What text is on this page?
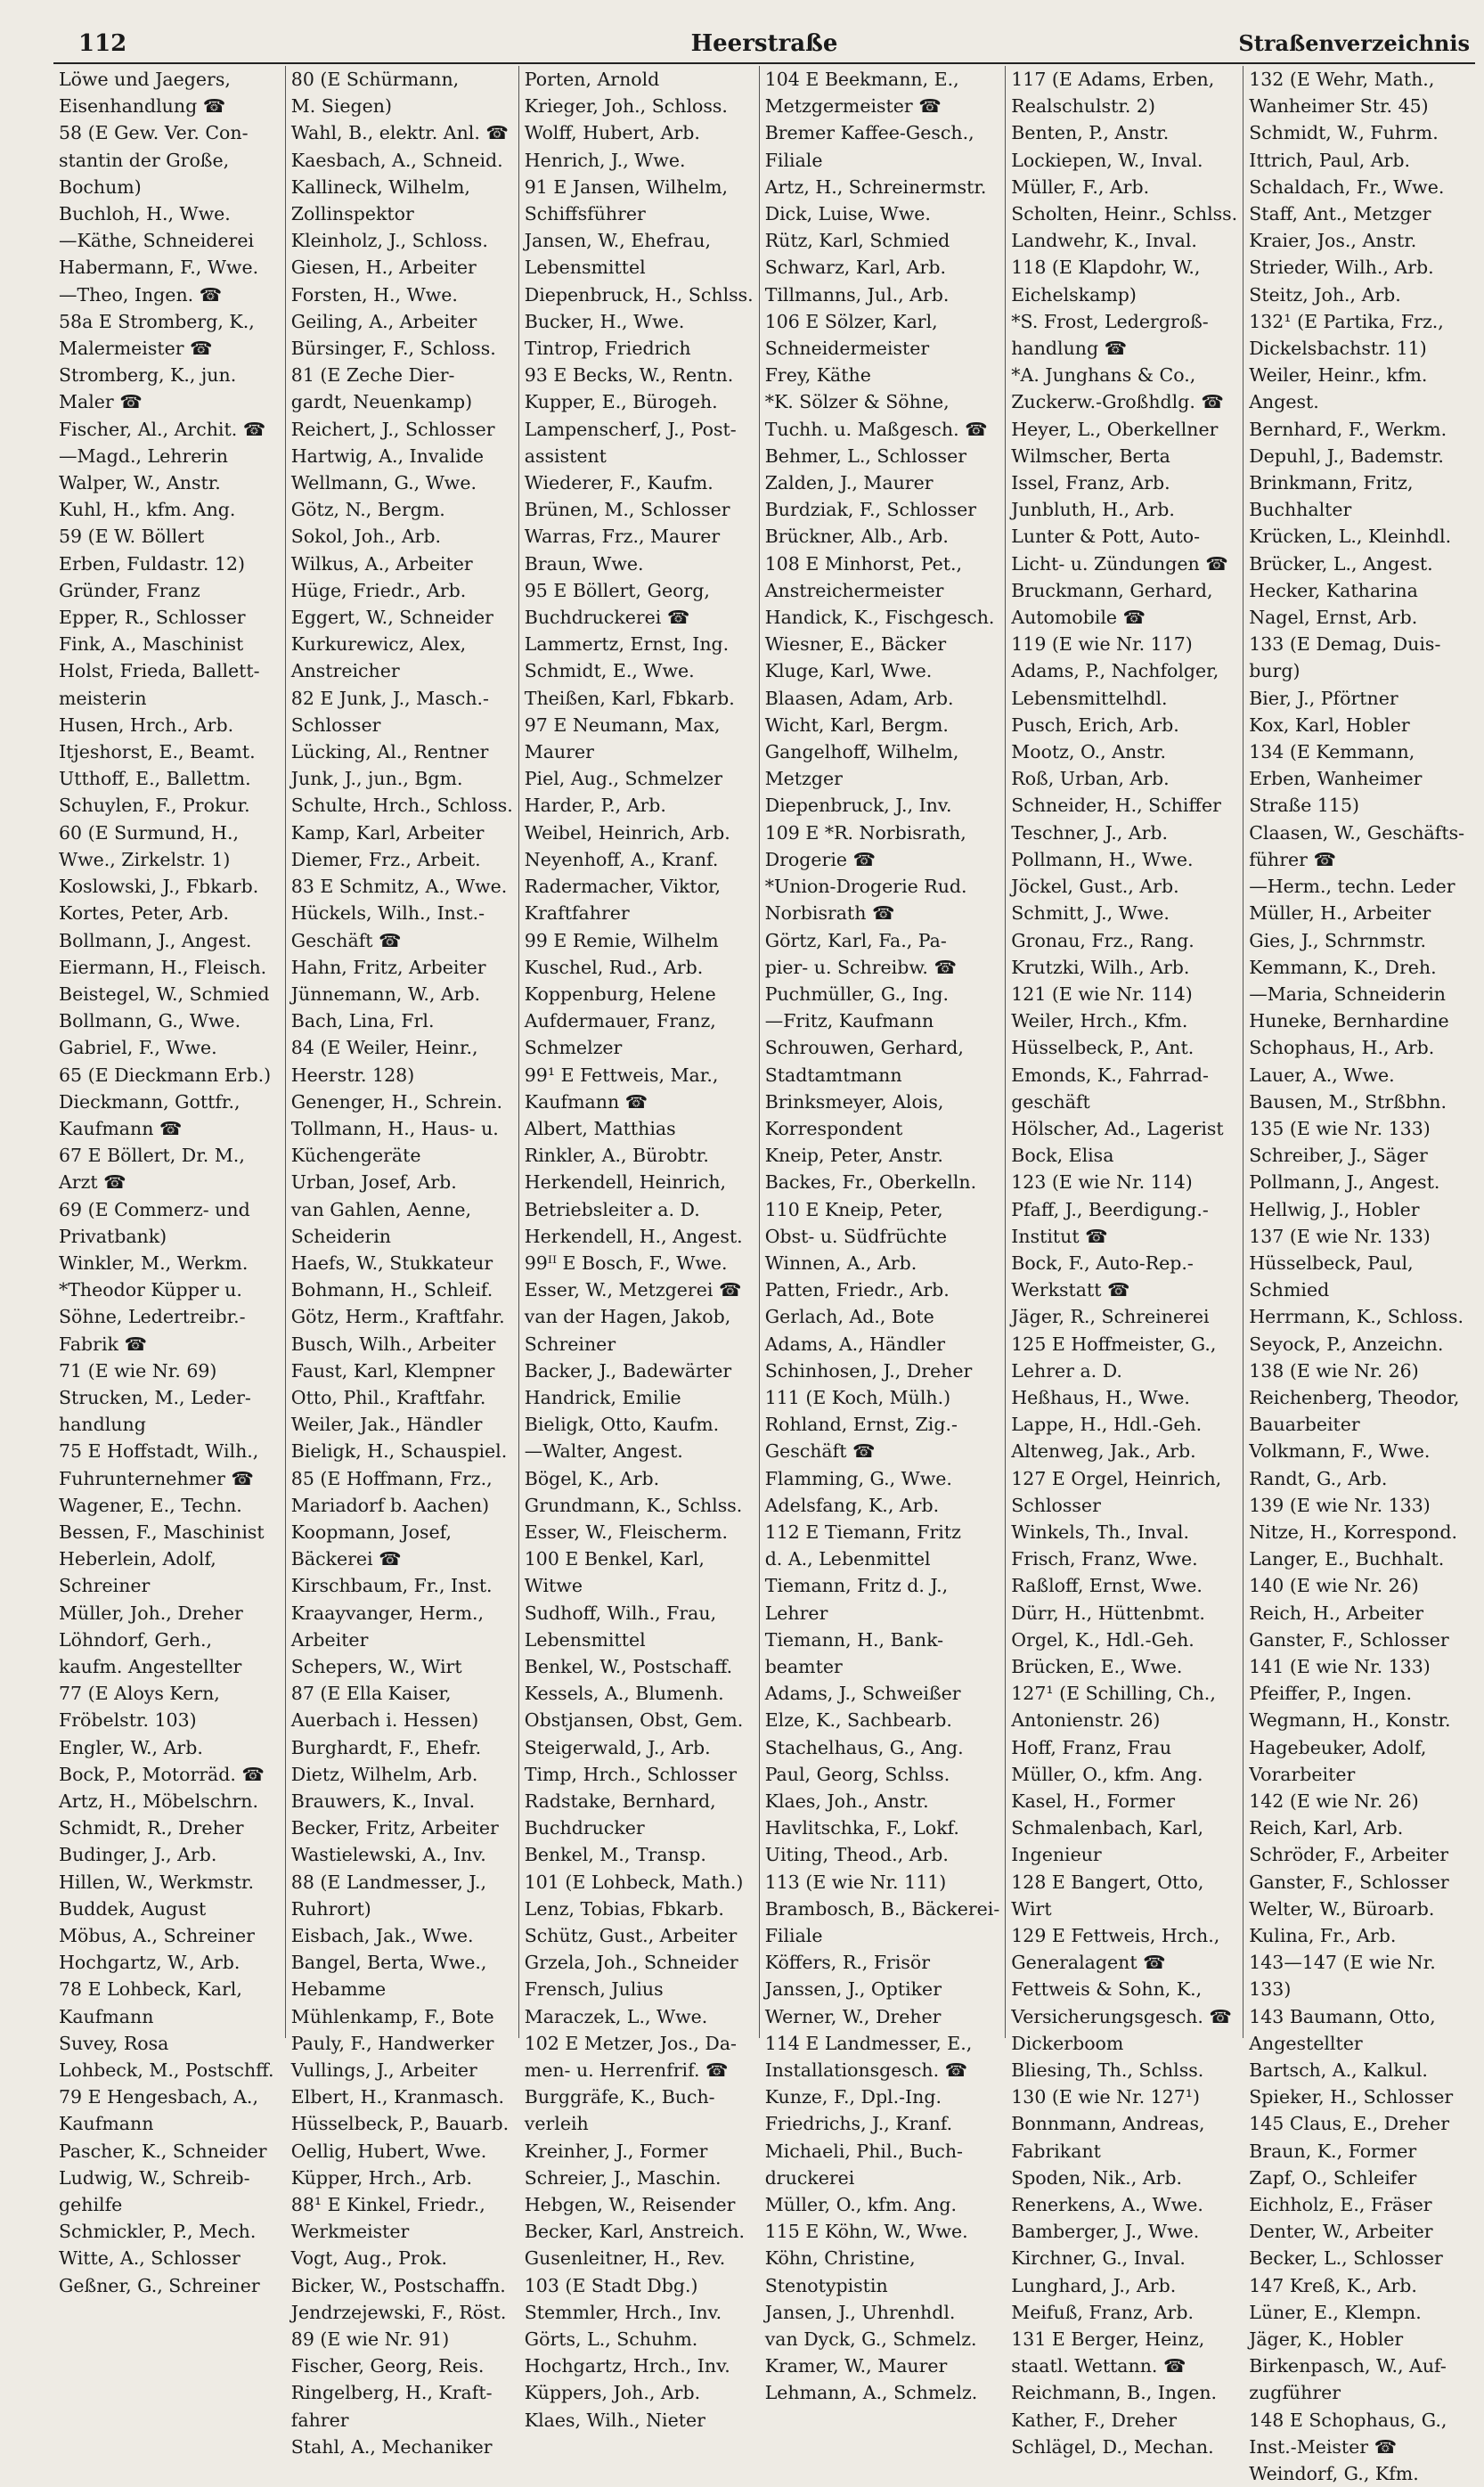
112	Heerstraße	Straßenverzeichnis
Löwe und Jaegers,
Eisenhandlung ☎
58 (E Gew. Ver. Con-
stantin der Große,
Bochum)
Buchloh, H., Wwe.
—Käthe, Schneiderei
Habermann, F., Wwe.
—Theo, Ingen. ☎
58a E Stromberg, K.,
Malermeister ☎
Stromberg, K., jun.
Maler ☎
Fischer, Al., Archit. ☎
—Magd., Lehrerin
Walper, W., Anstr.
Kuhl, H., kfm. Ang.
59 (E W. Böllert
Erben, Fuldastr. 12)
Gründer, Franz
Epper, R., Schlosser
Fink, A., Maschinist
Holst, Frieda, Ballett-
meisterin
Husen, Hrch., Arb.
Itjeshorst, E., Beamt.
Utthoff, E., Ballettm.
Schuylen, F., Prokur.
60 (E Surmund, H.,
Wwe., Zirkelstr. 1)
Koslowski, J., Fbkarb.
Kortes, Peter, Arb.
Bollmann, J., Angest.
Eiermann, H., Fleisch.
Beistegel, W., Schmied
Bollmann, G., Wwe.
Gabriel, F., Wwe.
65 (E Dieckmann Erb.)
Dieckmann, Gottfr.,
Kaufmann ☎
67 E Böllert, Dr. M.,
Arzt ☎
69 (E Commerz- und
Privatbank)
Winkler, M., Werkm.
*Theodor Küpper u.
Söhne, Ledertreibr.-
Fabrik ☎
71 (E wie Nr. 69)
Strucken, M., Leder-
handlung
75 E Hoffstadt, Wilh.,
Fuhrunternehmer ☎
Wagener, E., Techn.
Bessen, F., Maschinist
Heberlein, Adolf,
Schreiner
Müller, Joh., Dreher
Löhndorf, Gerh.,
kaufm. Angestellter
77 (E Aloys Kern,
Fröbelstr. 103)
Engler, W., Arb.
Bock, P., Motorräd. ☎
Artz, H., Möbelschrn.
Schmidt, R., Dreher
Budinger, J., Arb.
Hillen, W., Werkmstr.
Buddek, August
Möbus, A., Schreiner
Hochgartz, W., Arb.
78 E Lohbeck, Karl,
Kaufmann
Suvey, Rosa
Lohbeck, M., Postschff.
79 E Hengesbach, A.,
Kaufmann
Pascher, K., Schneider
Ludwig, W., Schreib-
gehilfe
Schmickler, P., Mech.
Witte, A., Schlosser
Geßner, G., Schreiner
80 (E Schürmann,
M. Siegen)
Wahl, B., elektr. Anl. ☎
Kaesbach, A., Schneid.
Kallineck, Wilhelm,
Zollinspektor
Kleinholz, J., Schloss.
Giesen, H., Arbeiter
Forsten, H., Wwe.
Geiling, A., Arbeiter
Bürsinger, F., Schloss.
81 (E Zeche Dier-
gardt, Neuenkamp)
Reichert, J., Schlosser
Hartwig, A., Invalide
Wellmann, G., Wwe.
Götz, N., Bergm.
Sokol, Joh., Arb.
Wilkus, A., Arbeiter
Hüge, Friedr., Arb.
Eggert, W., Schneider
Kurkurewicz, Alex,
Anstreicher
82 E Junk, J., Masch.-
Schlosser
Lücking, Al., Rentner
Junk, J., jun., Bgm.
Schulte, Hrch., Schloss.
Kamp, Karl, Arbeiter
Diemer, Frz., Arbeit.
83 E Schmitz, A., Wwe.
Hückels, Wilh., Inst.-
Geschäft ☎
Hahn, Fritz, Arbeiter
Jünnemann, W., Arb.
Bach, Lina, Frl.
84 (E Weiler, Heinr.,
Heerstr. 128)
Genenger, H., Schrein.
Tollmann, H., Haus- u.
Küchengeräte
Urban, Josef, Arb.
van Gahlen, Aenne,
Scheiderin
Haefs, W., Stukkateur
Bohmann, H., Schleif.
Götz, Herm., Kraftfahr.
Busch, Wilh., Arbeiter
Faust, Karl, Klempner
Otto, Phil., Kraftfahr.
Weiler, Jak., Händler
Bieligk, H., Schauspiel.
85 (E Hoffmann, Frz.,
Mariadorf b. Aachen)
Koopmann, Josef,
Bäckerei ☎
Kirschbaum, Fr., Inst.
Kraayvanger, Herm.,
Arbeiter
Schepers, W., Wirt
87 (E Ella Kaiser,
Auerbach i. Hessen)
Burghardt, F., Ehefr.
Dietz, Wilhelm, Arb.
Brauwers, K., Inval.
Becker, Fritz, Arbeiter
Wastielewski, A., Inv.
88 (E Landmesser, J.,
Ruhrort)
Eisbach, Jak., Wwe.
Bangel, Berta, Wwe.,
Hebamme
Mühlenkamp, F., Bote
Pauly, F., Handwerker
Vullings, J., Arbeiter
Elbert, H., Kranmasch.
Hüsselbeck, P., Bauarb.
Oellig, Hubert, Wwe.
Küpper, Hrch., Arb.
88¹ E Kinkel, Friedr.,
Werkmeister
Vogt, Aug., Prok.
Bicker, W., Postschaffn.
Jendrzejewski, F., Röst.
89 (E wie Nr. 91)
Fischer, Georg, Reis.
Ringelberg, H., Kraft-
fahrer
Stahl, A., Mechaniker
Porten, Arnold
Krieger, Joh., Schloss.
Wolff, Hubert, Arb.
Henrich, J., Wwe.
91 E Jansen, Wilhelm,
Schiffsführer
Jansen, W., Ehefrau,
Lebensmittel
Diepenbruck, H., Schlss.
Bucker, H., Wwe.
Tintrop, Friedrich
93 E Becks, W., Rentn.
Kupper, E., Bürogeh.
Lampenscherf, J., Post-
assistent
Wiederer, F., Kaufm.
Brünen, M., Schlosser
Warras, Frz., Maurer
Braun, Wwe.
95 E Böllert, Georg,
Buchdruckerei ☎
Lammertz, Ernst, Ing.
Schmidt, E., Wwe.
Theißen, Karl, Fbkarb.
97 E Neumann, Max,
Maurer
Piel, Aug., Schmelzer
Harder, P., Arb.
Weibel, Heinrich, Arb.
Neyenhoff, A., Kranf.
Radermacher, Viktor,
Kraftfahrer
99 E Remie, Wilhelm
Kuschel, Rud., Arb.
Koppenburg, Helene
Aufdermauer, Franz,
Schmelzer
99¹ E Fettweis, Mar.,
Kaufmann ☎
Albert, Matthias
Rinkler, A., Bürobtr.
Herkendell, Heinrich,
Betriebsleiter a. D.
Herkendell, H., Angest.
99ᴵᴵ E Bosch, F., Wwe.
Esser, W., Metzgerei ☎
van der Hagen, Jakob,
Schreiner
Backer, J., Badewärter
Handrick, Emilie
Bieligk, Otto, Kaufm.
—Walter, Angest.
Bögel, K., Arb.
Grundmann, K., Schlss.
Esser, W., Fleischerm.
100 E Benkel, Karl,
Witwe
Sudhoff, Wilh., Frau,
Lebensmittel
Benkel, W., Postschaff.
Kessels, A., Blumenh.
Obstjansen, Obst, Gem.
Steigerwald, J., Arb.
Timp, Hrch., Schlosser
Radstake, Bernhard,
Buchdrucker
Benkel, M., Transp.
101 (E Lohbeck, Math.)
Lenz, Tobias, Fbkarb.
Schütz, Gust., Arbeiter
Grzela, Joh., Schneider
Frensch, Julius
Maraczek, L., Wwe.
102 E Metzer, Jos., Da-
men- u. Herrenfrif. ☎
Burggräfe, K., Buch-
verleih
Kreinher, J., Former
Schreier, J., Maschin.
Hebgen, W., Reisender
Becker, Karl, Anstreich.
Gusenleitner, H., Rev.
103 (E Stadt Dbg.)
Stemmler, Hrch., Inv.
Görts, L., Schuhm.
Hochgartz, Hrch., Inv.
Küppers, Joh., Arb.
Klaes, Wilh., Nieter
104 E Beekmann, E.,
Metzgermeister ☎
Bremer Kaffee-Gesch.,
Filiale
Artz, H., Schreinermstr.
Dick, Luise, Wwe.
Rütz, Karl, Schmied
Schwarz, Karl, Arb.
Tillmanns, Jul., Arb.
106 E Sölzer, Karl,
Schneidermeister
Frey, Käthe
*K. Sölzer & Söhne,
Tuchh. u. Maßgesch. ☎
Behmer, L., Schlosser
Zalden, J., Maurer
Burdziak, F., Schlosser
Brückner, Alb., Arb.
108 E Minhorst, Pet.,
Anstreichermeister
Handick, K., Fischgesch.
Wiesner, E., Bäcker
Kluge, Karl, Wwe.
Blaasen, Adam, Arb.
Wicht, Karl, Bergm.
Gangelhoff, Wilhelm,
Metzger
Diepenbruck, J., Inv.
109 E *R. Norbisrath,
Drogerie ☎
*Union-Drogerie Rud.
Norbisrath ☎
Görtz, Karl, Fa., Pa-
pier- u. Schreibw. ☎
Puchmüller, G., Ing.
—Fritz, Kaufmann
Schrouwen, Gerhard,
Stadtamtmann
Brinksmeyer, Alois,
Korrespondent
Kneip, Peter, Anstr.
Backes, Fr., Oberkelln.
110 E Kneip, Peter,
Obst- u. Südfrüchte
Winnen, A., Arb.
Patten, Friedr., Arb.
Gerlach, Ad., Bote
Adams, A., Händler
Schinhosen, J., Dreher
111 (E Koch, Mülh.)
Rohland, Ernst, Zig.-
Geschäft ☎
Flamming, G., Wwe.
Adelsfang, K., Arb.
112 E Tiemann, Fritz
d. A., Lebenmittel
Tiemann, Fritz d. J.,
Lehrer
Tiemann, H., Bank-
beamter
Adams, J., Schweißer
Elze, K., Sachbearb.
Stachelhaus, G., Ang.
Paul, Georg, Schlss.
Klaes, Joh., Anstr.
Havlitschka, F., Lokf.
Uiting, Theod., Arb.
113 (E wie Nr. 111)
Brambosch, B., Bäckerei-
Filiale
Köffers, R., Frisör
Janssen, J., Optiker
Werner, W., Dreher
114 E Landmesser, E.,
Installationsgesch. ☎
Kunze, F., Dpl.-Ing.
Friedrichs, J., Kranf.
Michaeli, Phil., Buch-
druckerei
Müller, O., kfm. Ang.
115 E Köhn, W., Wwe.
Köhn, Christine,
Stenotypistin
Jansen, J., Uhrenhdl.
van Dyck, G., Schmelz.
Kramer, W., Maurer
Lehmann, A., Schmelz.
117 (E Adams, Erben,
Realschulstr. 2)
Benten, P., Anstr.
Lockiepen, W., Inval.
Müller, F., Arb.
Scholten, Heinr., Schlss.
Landwehr, K., Inval.
118 (E Klapdohr, W.,
Eichelskamp)
*S. Frost, Ledergroß-
handlung ☎
*A. Junghans & Co.,
Zuckerw.-Großhdlg. ☎
Heyer, L., Oberkellner
Wilmscher, Berta
Issel, Franz, Arb.
Junbluth, H., Arb.
Lunter & Pott, Auto-
Licht- u. Zündungen ☎
Bruckmann, Gerhard,
Automobile ☎
119 (E wie Nr. 117)
Adams, P., Nachfolger,
Lebensmittelhdl.
Pusch, Erich, Arb.
Mootz, O., Anstr.
Roß, Urban, Arb.
Schneider, H., Schiffer
Teschner, J., Arb.
Pollmann, H., Wwe.
Jöckel, Gust., Arb.
Schmitt, J., Wwe.
Gronau, Frz., Rang.
Krutzki, Wilh., Arb.
121 (E wie Nr. 114)
Weiler, Hrch., Kfm.
Hüsselbeck, P., Ant.
Emonds, K., Fahrrad-
geschäft
Hölscher, Ad., Lagerist
Bock, Elisa
123 (E wie Nr. 114)
Pfaff, J., Beerdigung.-
Institut ☎
Bock, F., Auto-Rep.-
Werkstatt ☎
Jäger, R., Schreinerei
125 E Hoffmeister, G.,
Lehrer a. D.
Heßhaus, H., Wwe.
Lappe, H., Hdl.-Geh.
Altenweg, Jak., Arb.
127 E Orgel, Heinrich,
Schlosser
Winkels, Th., Inval.
Frisch, Franz, Wwe.
Raßloff, Ernst, Wwe.
Dürr, H., Hüttenbmt.
Orgel, K., Hdl.-Geh.
Brücken, E., Wwe.
127¹ (E Schilling, Ch.,
Antonienstr. 26)
Hoff, Franz, Frau
Müller, O., kfm. Ang.
Kasel, H., Former
Schmalenbach, Karl,
Ingenieur
128 E Bangert, Otto,
Wirt
129 E Fettweis, Hrch.,
Generalagent ☎
Fettweis & Sohn, K.,
Versicherungsgesch. ☎
Dickerboom
Bliesing, Th., Schlss.
130 (E wie Nr. 127¹)
Bonnmann, Andreas,
Fabrikant
Spoden, Nik., Arb.
Renerkens, A., Wwe.
Bamberger, J., Wwe.
Kirchner, G., Inval.
Lunghard, J., Arb.
Meifuß, Franz, Arb.
131 E Berger, Heinz,
staatl. Wettann. ☎
Reichmann, B., Ingen.
Kather, F., Dreher
Schlägel, D., Mechan.
132 (E Wehr, Math.,
Wanheimer Str. 45)
Schmidt, W., Fuhrm.
Ittrich, Paul, Arb.
Schaldach, Fr., Wwe.
Staff, Ant., Metzger
Kraier, Jos., Anstr.
Strieder, Wilh., Arb.
Steitz, Joh., Arb.
132¹ (E Partika, Frz.,
Dickelsbachstr. 11)
Weiler, Heinr., kfm.
Angest.
Bernhard, F., Werkm.
Depuhl, J., Bademstr.
Brinkmann, Fritz,
Buchhalter
Krücken, L., Kleinhdl.
Brücker, L., Angest.
Hecker, Katharina
Nagel, Ernst, Arb.
133 (E Demag, Duis-
burg)
Bier, J., Pförtner
Kox, Karl, Hobler
134 (E Kemmann,
Erben, Wanheimer
Straße 115)
Claasen, W., Geschäfts-
führer ☎
—Herm., techn. Leder
Müller, H., Arbeiter
Gies, J., Schrnmstr.
Kemmann, K., Dreh.
—Maria, Schneiderin
Huneke, Bernhardine
Schophaus, H., Arb.
Lauer, A., Wwe.
Bausen, M., Strßbhn.
135 (E wie Nr. 133)
Schreiber, J., Säger
Pollmann, J., Angest.
Hellwig, J., Hobler
137 (E wie Nr. 133)
Hüsselbeck, Paul,
Schmied
Herrmann, K., Schloss.
Seyock, P., Anzeichn.
138 (E wie Nr. 26)
Reichenberg, Theodor,
Bauarbeiter
Volkmann, F., Wwe.
Randt, G., Arb.
139 (E wie Nr. 133)
Nitze, H., Korrespond.
Langer, E., Buchhalt.
140 (E wie Nr. 26)
Reich, H., Arbeiter
Ganster, F., Schlosser
141 (E wie Nr. 133)
Pfeiffer, P., Ingen.
Wegmann, H., Konstr.
Hagebeuker, Adolf,
Vorarbeiter
142 (E wie Nr. 26)
Reich, Karl, Arb.
Schröder, F., Arbeiter
Ganster, F., Schlosser
Welter, W., Büroarb.
Kulina, Fr., Arb.
143—147 (E wie Nr.
133)
143 Baumann, Otto,
Angestellter
Bartsch, A., Kalkul.
Spieker, H., Schlosser
145 Claus, E., Dreher
Braun, K., Former
Zapf, O., Schleifer
Eichholz, E., Fräser
Denter, W., Arbeiter
Becker, L., Schlosser
147 Kreß, K., Arb.
Lüner, E., Klempn.
Jäger, K., Hobler
Birkenpasch, W., Auf-
zugführer
148 E Schophaus, G.,
Inst.-Meister ☎
Weindorf, G., Kfm.
